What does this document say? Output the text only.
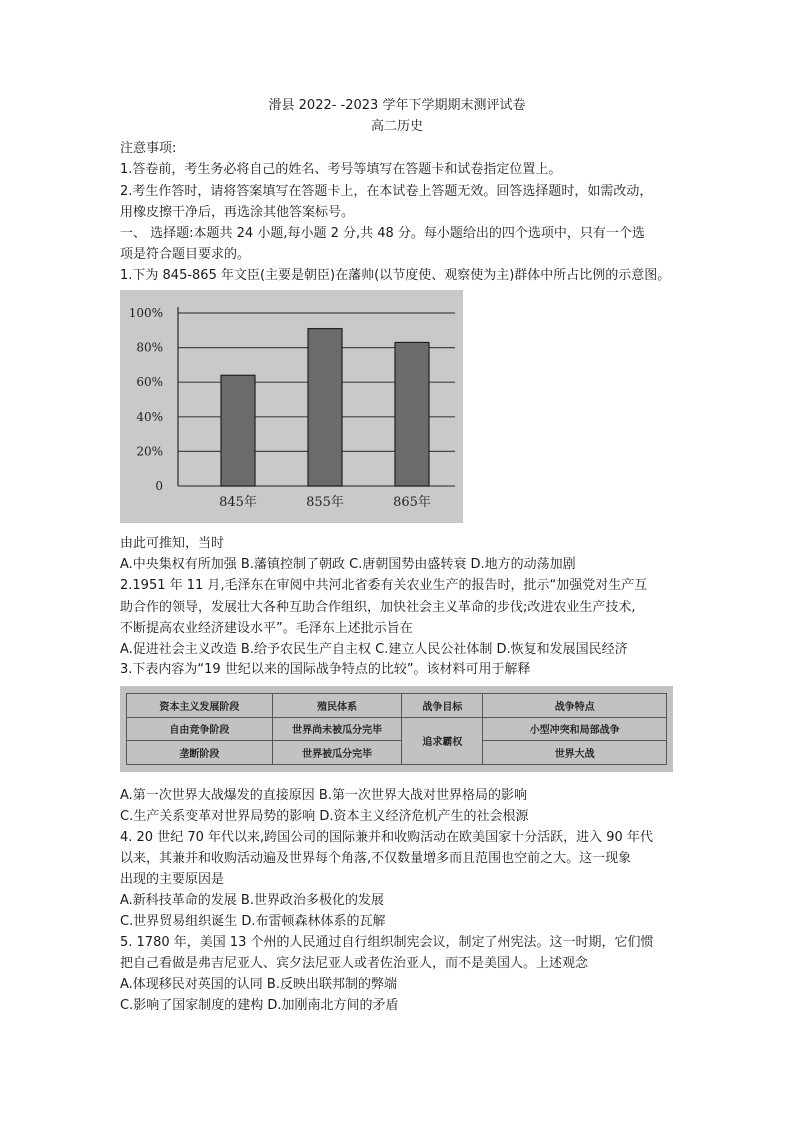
滑县 2022- -2023 学年下学期期末测评试卷
高二历史
注意事项:
1.答卷前，考生务必将自己的姓名、考号等填写在答题卡和试卷指定位置上。
2.考生作答时，请将答案填写在答题卡上，在本试卷上答题无效。回答选择题时，如需改动，
用橡皮擦干净后，再选涂其他答案标号。
一、 选择题:本题共 24 小题,每小题 2 分,共 48 分。每小题给出的四个选项中，只有一个选
项是符合题目要求的。
1.下为 845-865 年文臣(主要是朝臣)在藩帅(以节度使、观察使为主)群体中所占比例的示意图。
0
20%
40%
60%
80%
100%
845年	855年	865年
由此可推知，当时
A.中央集权有所加强 B.藩镇控制了朝政 C.唐朝国势由盛转衰 D.地方的动荡加剧
2.1951 年 11 月,毛泽东在审阅中共河北省委有关农业生产的报告时，批示“加强党对生产互
助合作的领导，发展壮大各种互助合作组织，加快社会主义革命的步伐;改进农业生产技术,
不断提高农业经济建设水平”。毛泽东上述批示旨在
A.促进社会主义改造 B.给予农民生产自主权 C.建立人民公社体制 D.恢复和发展国民经济
3.下表内容为“19 世纪以来的国际战争特点的比较”。该材料可用于解释
资本主义发展阶段	殖民体系	战争目标	战争特点
自由竞争阶段	世界尚未被瓜分完毕	追求霸权	小型冲突和局部战争
垄断阶段	世界被瓜分完毕		世界大战
A.第一次世界大战爆发的直接原因 B.第一次世界大战对世界格局的影响
C.生产关系变革对世界局势的影响 D.资本主义经济危机产生的社会根源
4. 20 世纪 70 年代以来,跨国公司的国际兼并和收购活动在欧美国家十分活跃，进入 90 年代
以来，其兼并和收购活动遍及世界每个角落,不仅数量增多而且范围也空前之大。这一现象
出现的主要原因是
A.新科技革命的发展 B.世界政治多极化的发展
C.世界贸易组织诞生 D.布雷顿森林体系的瓦解
5. 1780 年，美国 13 个州的人民通过自行组织制宪会议，制定了州宪法。这一时期，它们惯
把自己看做是弗吉尼亚人、宾夕法尼亚人或者佐治亚人，而不是美国人。上述观念
A.体现移民对英国的认同 B.反映出联邦制的弊端
C.影响了国家制度的建构 D.加刚南北方间的矛盾
